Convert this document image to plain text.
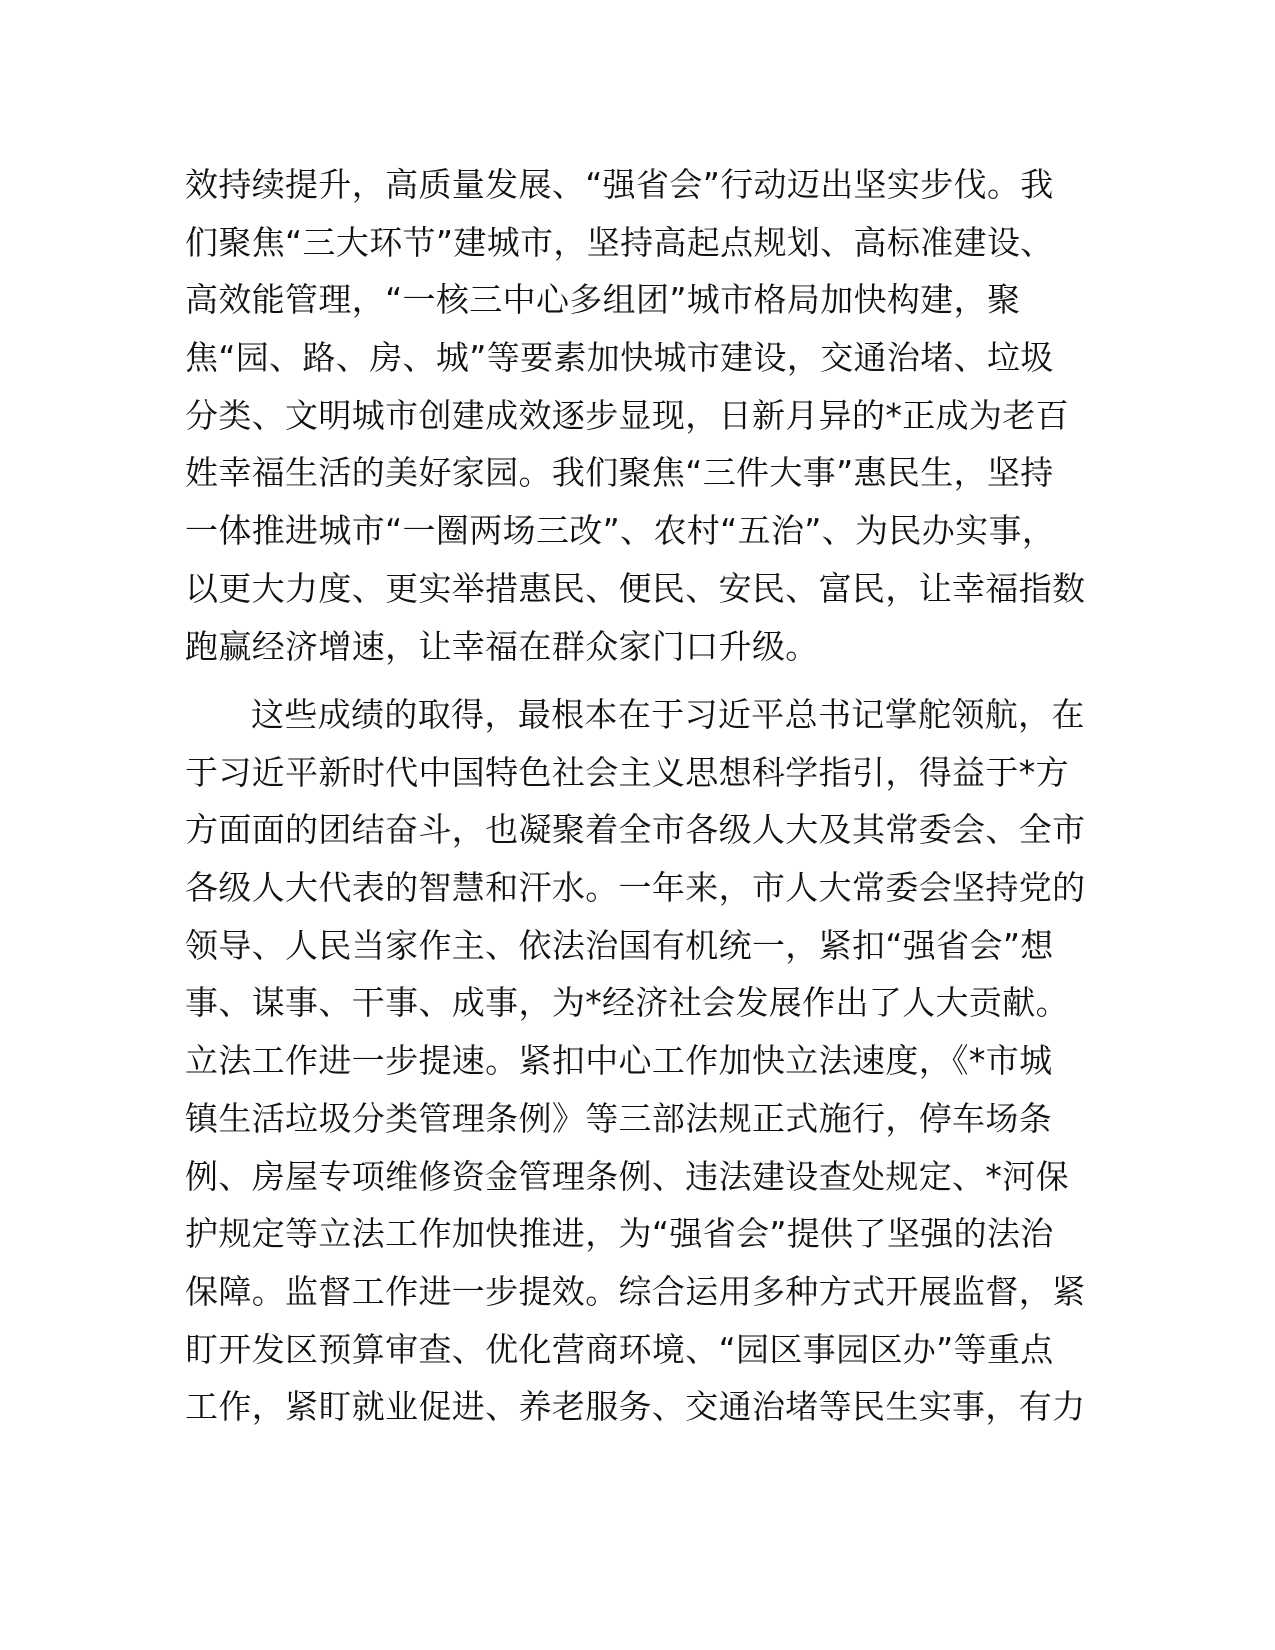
效持续提升，高质量发展、“强省会”行动迈出坚实步伐。我
们聚焦“三大环节”建城市，坚持高起点规划、高标准建设、
高效能管理，“一核三中心多组团”城市格局加快构建，聚
焦“园、路、房、城”等要素加快城市建设，交通治堵、垃圾
分类、文明城市创建成效逐步显现，日新月异的*正成为老百
姓幸福生活的美好家园。我们聚焦“三件大事”惠民生，坚持
一体推进城市“一圈两场三改”、农村“五治”、为民办实事，
以更大力度、更实举措惠民、便民、安民、富民，让幸福指数
跑赢经济增速，让幸福在群众家门口升级。
这些成绩的取得，最根本在于习近平总书记掌舵领航，在
于习近平新时代中国特色社会主义思想科学指引，得益于*方
方面面的团结奋斗，也凝聚着全市各级人大及其常委会、全市
各级人大代表的智慧和汗水。一年来，市人大常委会坚持党的
领导、人民当家作主、依法治国有机统一，紧扣“强省会”想
事、谋事、干事、成事，为*经济社会发展作出了人大贡献。
立法工作进一步提速。紧扣中心工作加快立法速度，《*市城
镇生活垃圾分类管理条例》等三部法规正式施行，停车场条
例、房屋专项维修资金管理条例、违法建设查处规定、*河保
护规定等立法工作加快推进，为“强省会”提供了坚强的法治
保障。监督工作进一步提效。综合运用多种方式开展监督，紧
盯开发区预算审查、优化营商环境、“园区事园区办”等重点
工作，紧盯就业促进、养老服务、交通治堵等民生实事，有力
